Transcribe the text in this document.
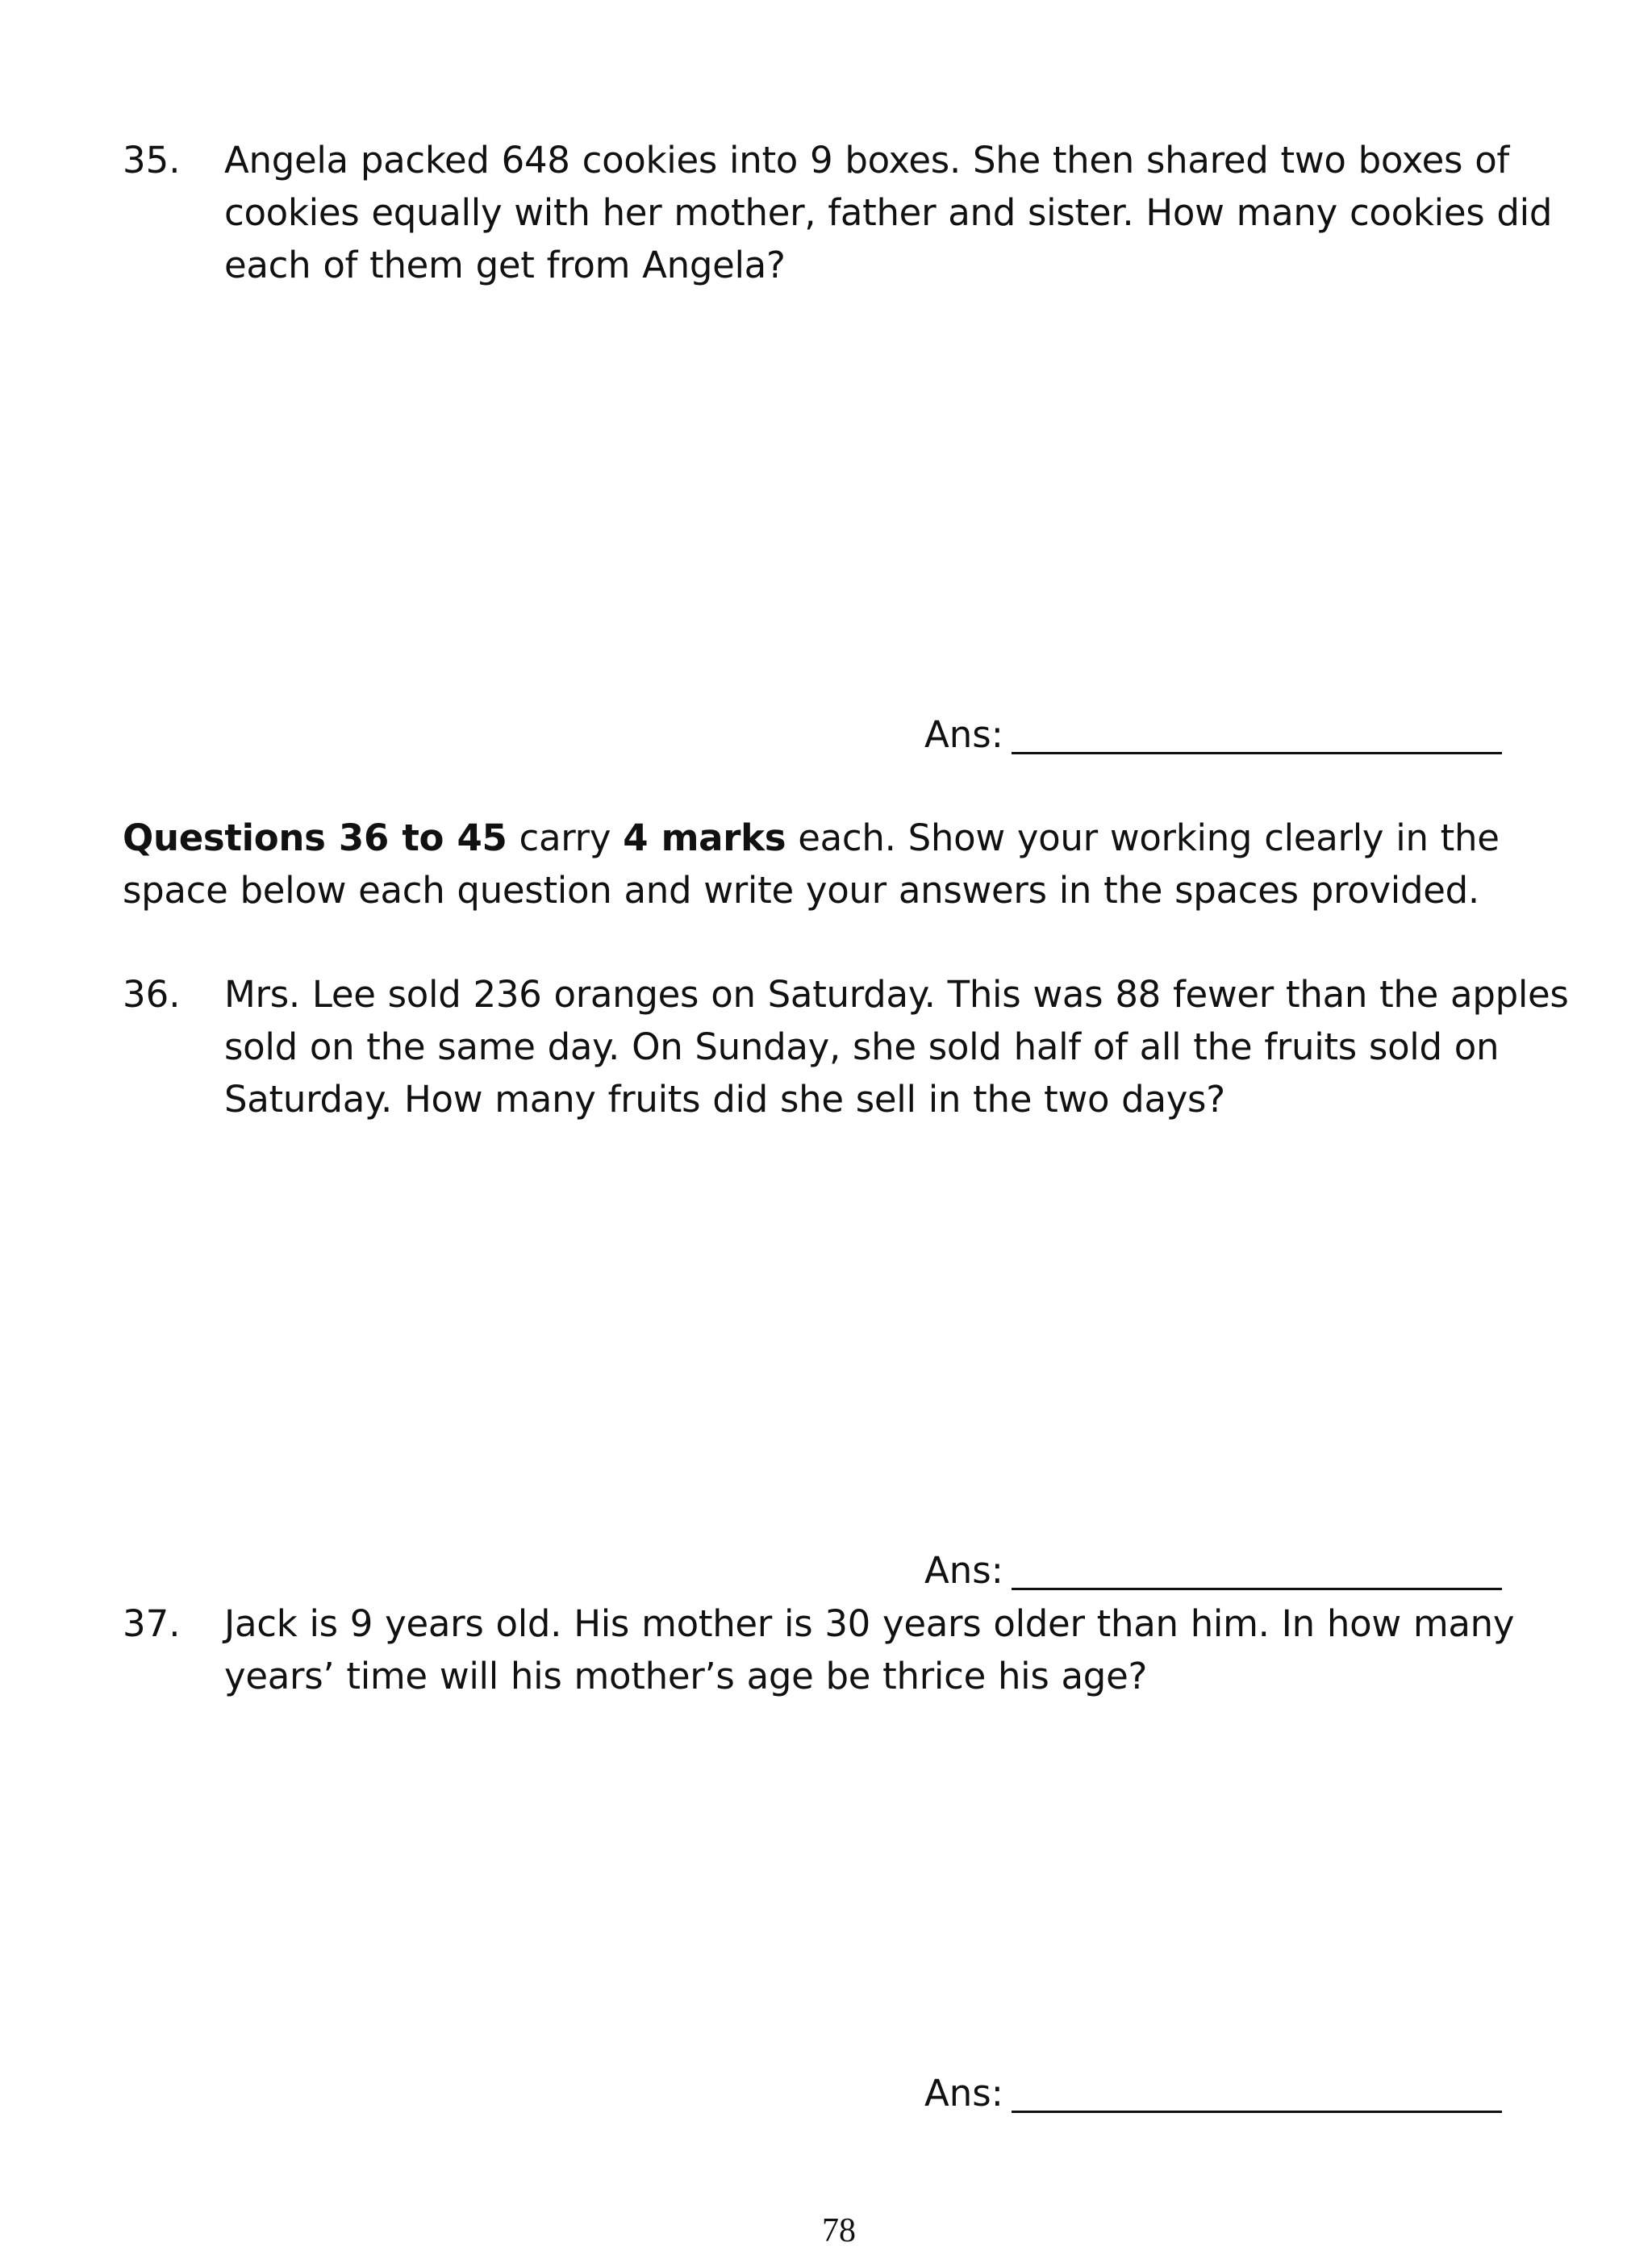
35. Angela packed 648 cookies into 9 boxes. She then shared two boxes of cookies equally with her mother, father and sister. How many cookies did each of them get from Angela?
Ans:
Questions 36 to 45 carry 4 marks each. Show your working clearly in the space below each question and write your answers in the spaces provided.
36. Mrs. Lee sold 236 oranges on Saturday. This was 88 fewer than the apples sold on the same day. On Sunday, she sold half of all the fruits sold on Saturday. How many fruits did she sell in the two days?
Ans:
37. Jack is 9 years old. His mother is 30 years older than him. In how many years’ time will his mother’s age be thrice his age?
Ans:
78
